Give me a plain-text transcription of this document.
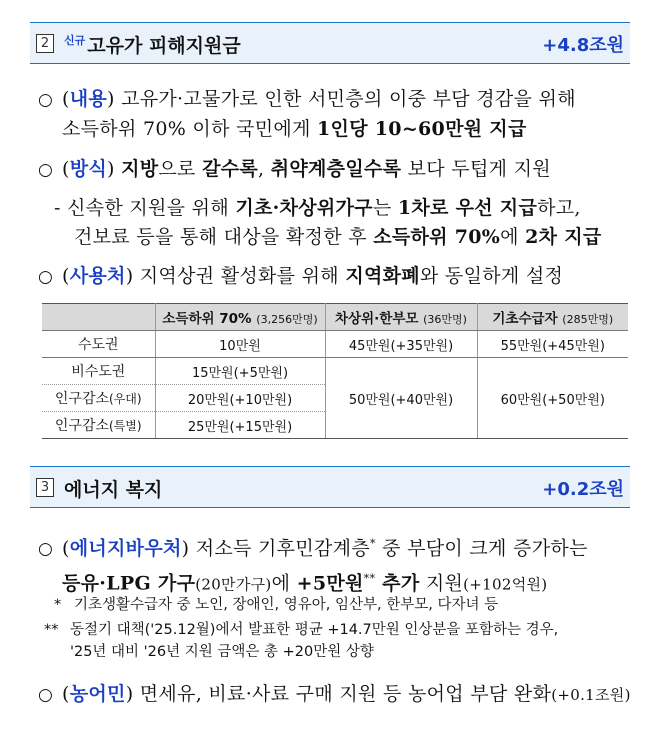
2	$^{신규}$ 고유가 피해지원금	+4.8조원
○ (내용) 고유가·고물가로 인한 서민층의 이중 부담 경감을 위해
소득하위 70% 이하 국민에게 1인당 10~60만원 지급
○ (방식) 지방으로 갈수록, 취약계층일수록 보다 두텁게 지원
- 신속한 지원을 위해 기초·차상위가구는 1차로 우선 지급하고,
건보료 등을 통해 대상을 확정한 후 소득하위 70%에 2차 지급
○ (사용처) 지역상권 활성화를 위해 지역화폐와 동일하게 설정
	소득하위 70% (3,256만명)	차상위·한부모 (36만명)	기초수급자 (285만명)
수도권	10만원	45만원(+35만원)	55만원(+45만원)
비수도권	15만원(+5만원)	50만원(+40만원)	60만원(+50만원)
인구감소(우대)	20만원(+10만원)		
인구감소(특별)	25만원(+15만원)		
3 에너지 복지	+0.2조원
○ (에너지바우처) 저소득 기후민감계층* 중 부담이 크게 증가하는
등유·LPG 가구(20만가구)에 +5만원** 추가 지원(+102억원)
* 기초생활수급자 중 노인, 장애인, 영유아, 임산부, 한부모, 다자녀 등
** 동절기 대책('25.12월)에서 발표한 평균 +14.7만원 인상분을 포함하는 경우,
'25년 대비 '26년 지원 금액은 총 +20만원 상향
○ (농어민) 면세유, 비료·사료 구매 지원 등 농어업 부담 완화(+0.1조원)
